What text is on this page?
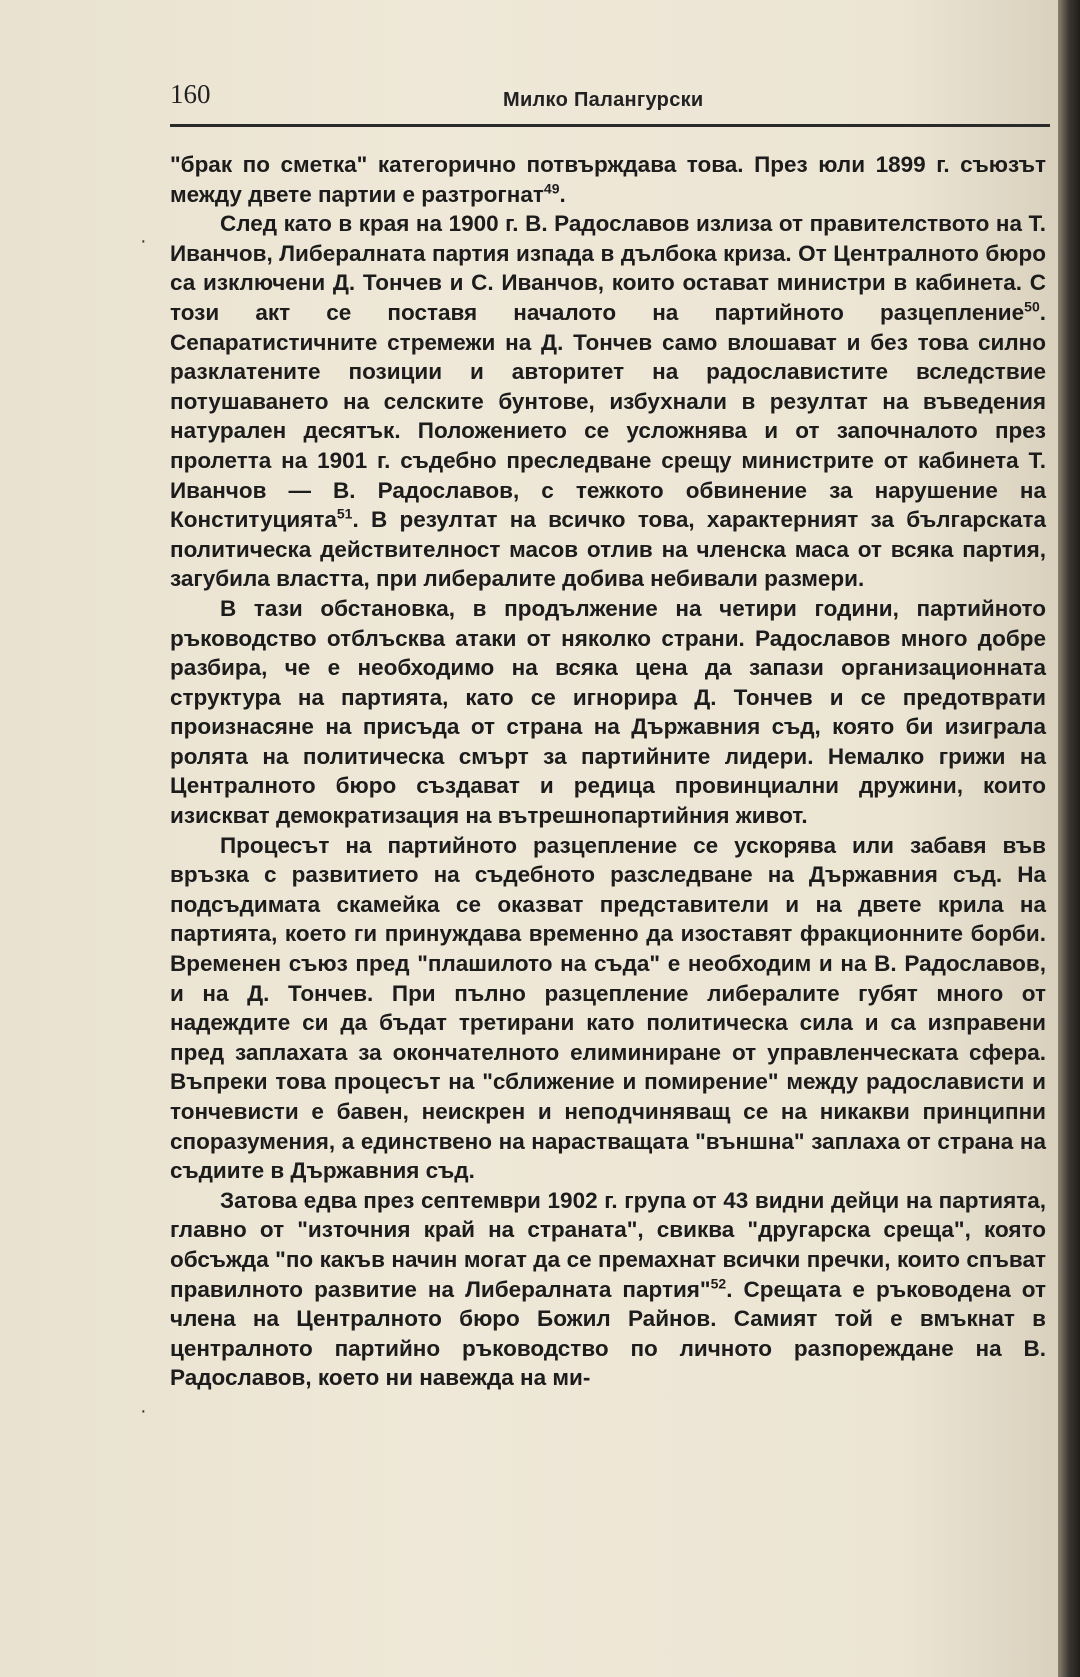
160	Милко Палангурски
·
·

"брак по сметка" категорично потвърждава това. През юли 1899 г. съюзът между двете партии е разтрогнат$^{49}$.

След като в края на 1900 г. В. Радославов излиза от правителството на Т. Иванчов, Либералната партия изпада в дълбока криза. От Централното бюро са изключени Д. Тончев и С. Иванчов, които остават министри в кабинета. С този акт се поставя началото на партийното разцепление$^{50}$. Сепаратистичните стремежи на Д. Тончев само влошават и без това силно разклатените позиции и авторитет на радославистите вследствие потушаването на селските бунтове, избухнали в резултат на въведения натурален десятък. Положението се усложнява и от започналото през пролетта на 1901 г. съдебно преследване срещу министрите от кабинета Т. Иванчов — В. Радославов, с тежкото обвинение за нарушение на Конституцията$^{51}$. В резултат на всичко това, характерният за българската политическа действителност масов отлив на членска маса от всяка партия, загубила властта, при либералите добива небивали размери.

В тази обстановка, в продължение на четири години, партийното ръководство отблъсква атаки от няколко страни. Радославов много добре разбира, че е необходимо на всяка цена да запази организационната структура на партията, като се игнорира Д. Тончев и се предотврати произнасяне на присъда от страна на Държавния съд, която би изиграла ролята на политическа смърт за партийните лидери. Немалко грижи на Централното бюро създават и редица провинциални дружини, които изискват демократизация на вътрешнопартийния живот.

Процесът на партийното разцепление се ускорява или забавя във връзка с развитието на съдебното разследване на Държавния съд. На подсъдимата скамейка се оказват представители и на двете крила на партията, което ги принуждава временно да изоставят фракционните борби. Временен съюз пред "плашилото на съда" е необходим и на В. Радославов, и на Д. Тончев. При пълно разцепление либералите губят много от надеждите си да бъдат третирани като политическа сила и са изправени пред заплахата за окончателното елиминиране от управленческата сфера. Въпреки това процесът на "сближение и помирение" между радослависти и тончевисти е бавен, неискрен и неподчиняващ се на никакви принципни споразумения, а единствено на нарастващата "външна" заплаха от страна на съдиите в Държавния съд.

Затова едва през септември 1902 г. група от 43 видни дейци на партията, главно от "източния край на страната", свиква "другарска среща", която обсъжда "по какъв начин могат да се премахнат всички пречки, които спъват правилното развитие на Либералната партия"$^{52}$. Срещата е ръководена от члена на Централното бюро Божил Райнов. Самият той е вмъкнат в централното партийно ръководство по личното разпореждане на В. Радославов, което ни навежда на ми-
